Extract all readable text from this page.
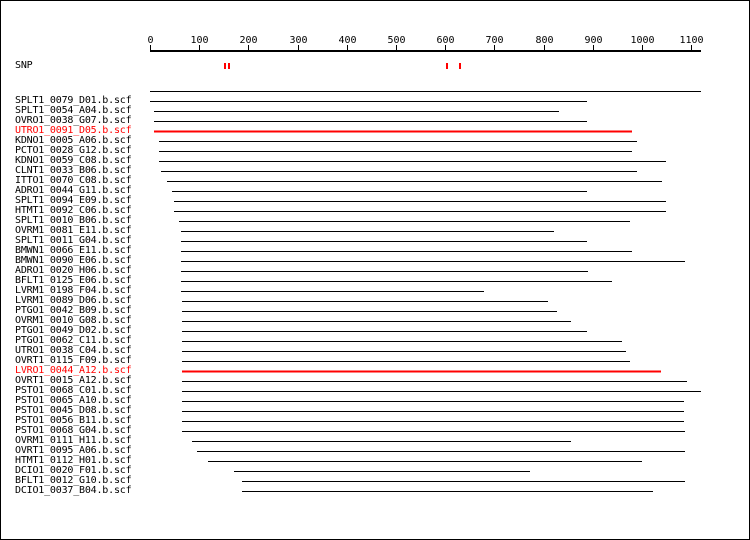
0	100	200	300	400	500	600	700	800	900	1000 1100
SNP
SPLT1_0079_D01.b.scf
SPLT1_0054_A04.b.scf
OVRO1_0038_G07.b.scf
UTRO1_0091_D05.b.scf
KDNO1_0005_A06.b.scf
PCTO1_0028_G12.b.scf
KDNO1_0059_C08.b.scf
CLNT1_0033_B06.b.scf
ITTO1_0070_C08.b.scf
ADRO1_0044_G11.b.scf
SPLT1_0094_E09.b.scf
HTMT1_0092_C06.b.scf
SPLT1_0010_B06.b.scf
OVRM1_0081_E11.b.scf
SPLT1_0011_G04.b.scf
BMWN1_0066_E11.b.scf
BMWN1_0090_E06.b.scf
ADRO1_0020_H06.b.scf
BFLT1_0125_E06.b.scf
LVRM1_0198_F04.b.scf
LVRM1_0089_D06.b.scf
PTGO1_0042_B09.b.scf
OVRM1_0010_G08.b.scf
PTGO1_0049_D02.b.scf
PTGO1_0062_C11.b.scf
UTRO1_0038_C04.b.scf
OVRT1_0115_F09.b.scf
LVRO1_0044_A12.b.scf
OVRT1_0015_A12.b.scf
PSTO1_0068_C01.b.scf
PSTO1_0065_A10.b.scf
PSTO1_0045_D08.b.scf
PSTO1_0056_B11.b.scf
PSTO1_0068_G04.b.scf
OVRM1_0111_H11.b.scf
OVRT1_0095_A06.b.scf
HTMT1_0112_H01.b.scf
DCIO1_0020_F01.b.scf
BFLT1_0012_G10.b.scf
DCIO1_0037_B04.b.scf
